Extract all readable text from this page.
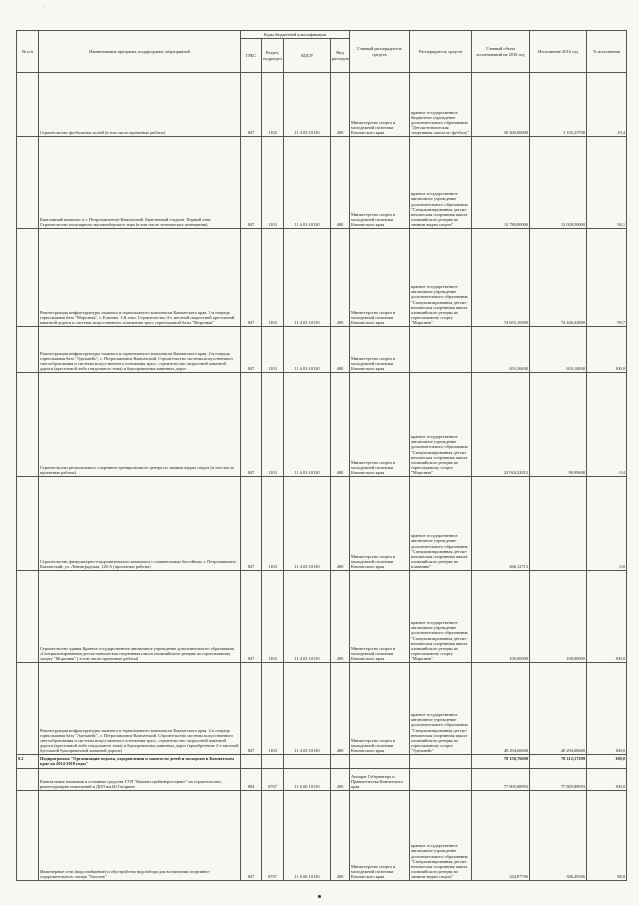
-
№ п/п	Наименование программ, подпрограмм, мероприятий	Коды бюджетной классификации				Главный распорядитель средств	Распорядитель средств	Главный объем ассигнований на 2016 год	Исполнение 2016 год	% исполнения
		ГРБС	Раздел, подраздел	КЦСР	Вид расходов					
	Строительство футбольных полей (в том числе проектные работы)	847	1102	11 4 03 10130	400	Министерство спорта и молодежной политики Камчатского края	краевое государственное бюджетное учреждение дополнительного образования "Детско-юношеская спортивная школа по футболу"	30 400,00000	3 165,23700	10,4
	Биатлонный комплекс в г. Петропавловске-Камчатский. Биатлонный стадион. Первый этап: Строительство популярного маловалберского тира (в том числе технических помещения)	847	1103	11 4 03 10130	400	Министерство спорта и молодежной политики Камчатского края	краевое государственное автономное учреждение дополнительного образования "Специализированная детско-юношеская спортивная школа олимпийского резерва по зимним видам спорта"	12 780,00000	12 028,50000	94,1
	Реконструкция инфраструктуры лыжного и горнолыжного комплексов Камчатского края. 1-я очередь горнолыжная база "Морозная", г. Елизово. 1-й этап. Строительство 4-х местной скоростной кресельной канатной дороги и системы искусственного оснежения трасс горнолыжной базы "Морозная"	847	1103	11 4 03 10130	400	Министерство спорта и молодежной политики Камчатского края	краевое государственное автономное учреждение дополнительного образования "Специализированная детско-юношеская спортивная школа олимпийского резерва по горнолыжному спорту "Морозная"	74 655,16900	74 440,32800	99,7
	Реконструкция инфраструктуры лыжного и горнолыжного комплексов Камчатского края. 2-я очередь горнолыжная база "Эдельвейс", г. Петропавловск-Камчатский. Строительство системы искусственного снегообразования и системы искусственного оснежения трасс, строительство скоростной канатной дороги (кресельной либо гондольного типа) и буксировочных канатных дорог	847	1103	11 4 03 10130	400	Министерство спорта и молодежной политики Камчатского края		653,16840	653,16840	100,0
	Строительство регионального спортивно-тренировочного центра по зимним видам спорта (в том числе проектные работы)	847	1103	11 4 03 10130	400	Министерство спорта и молодежной политики Камчатского края	краевое государственное автономное учреждение дополнительного образования "Специализированная детско-юношеская спортивная школа олимпийского резерва по горнолыжному спорту "Морозная"	23 920,32812	90,99600	0,4
	Строительство физкультурно-оздоровительного комплекса с плавательным бассейном, г. Петропавловск-Камчатский, ул. Ленинградская, 120 А (проектные работы)	847	1103	11 4 03 10130	400	Министерство спорта и молодежной политики Камчатского края	краевое государственное автономное учреждение дополнительного образования "Специализированная детско-юношеская спортивная школа олимпийского резерва по плаванию"	466,12713		0,0
	Строительство здания Краевое государственное автономное учреждение дополнительного образования «Специализированная детско-юношеская спортивная школа олимпийского резерва по горнолыжному спорту "Морозная" ( в том числе проектные работы)	847	1103	11 4 03 10130	400	Министерство спорта и молодежной политики Камчатского края	краевое государственное автономное учреждение дополнительного образования "Специализированная детско-юношеская спортивная школа олимпийского резерва по горнолыжному спорту "Морозная"	100,00000	100,00000	100,0
	Реконструкция инфраструктуры лыжного и горнолыжного комплексов Камчатского края. 2-я очередь горнолыжная база "Эдельвейс", г. Петропавловск-Камчатский. Строительство системы искусственного снегообразования и системы искусственного оснежения трасс, строительство скоростной канатной дороги (кресельной либо гондольного типа) и буксировочных канатных дорог (приобретение 2-х местной бугельной буксировочной канатной дороги)	847	1103	11 4 03 10130	400	Министерство спорта и молодежной политики Камчатского края	краевое государственное автономное учреждение дополнительного образования "Специализированная детско-юношеская спортивная школа олимпийского резерва по горнолыжному спорту "Эдельвейс"	40 294,68400	40 294,68400	100,0
9.2	Подпрограмма "Организация отдыха, оздоровления и занятости детей и молодежи в Камчатском крае на 2014-2018 годы"							78 150,76690	78 112,17299	100,0
	Капитальные вложения в основные средства ГУП "Камчатстройэнергосервис" на строительство, реконструкцию помещений в ДОЛ им.Ю.Гагарина	804	0707	11 6 06 10130	400	Аппарат Губернатора и Правительства Камчатского края		77 805,88993	77 805,88993	100,0
	Инженерные сети (водоснабжение) и обустройство водозабора для воспитания спортивно-оздоровительного лагеря "Тополек"	847	0707	11 6 06 10130	400	Министерство спорта и молодежной политики Камчатского края	краевое государственное автономное учреждение дополнительного образования "Специализированная детско-юношеская спортивная школа олимпийского резерва по зимним видам спорта"	344,87706	306,28306	88,8
